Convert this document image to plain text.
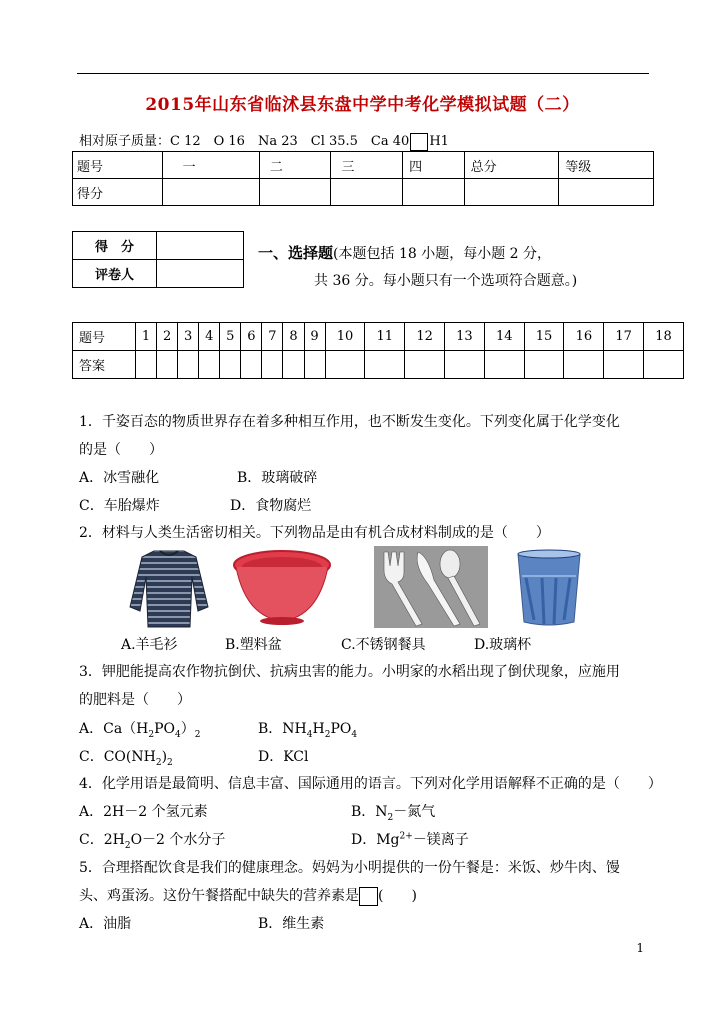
2015年山东省临沭县东盘中学中考化学模拟试题（二）
相对原子质量：C 12　O 16　Na 23　Cl 35.5　Ca 40 H1
题号	一	二	三	四	总分	等级
得分						
得　分	
评卷人	
一、选择题(本题包括 18 小题，每小题 2 分，
共 36 分。每小题只有一个选项符合题意。)
题号	1	2	3	4	5	6	7	8	9	10	11	12	13	14	15	16	17	18
答案																		
1．千姿百态的物质世界存在着多种相互作用，也不断发生变化。下列变化属于化学变化
的是（　　）
A．冰雪融化	B．玻璃破碎
C．车胎爆炸	D．食物腐烂
2．材料与人类生活密切相关。下列物品是由有机合成材料制成的是（　　）
A.羊毛衫	B.塑料盆	C.不锈钢餐具	D.玻璃杯
3．钾肥能提高农作物抗倒伏、抗病虫害的能力。小明家的水稻出现了倒伏现象，应施用
的肥料是（　　）
A．$Ca(H_2PO_4)_2$	B．$NH_4H_2PO_4$
C．$CO(NH_2)_2$	D．KCl
4．化学用语是最简明、信息丰富、国际通用的语言。下列对化学用语解释不正确的是（　　）
A．2H－2 个氢元素	B．$N_2-$氮气
C．$2H_2O-2$ 个水分子	D．$Mg^{2+}-$镁离子
5．合理搭配饮食是我们的健康理念。妈妈为小明提供的一份午餐是：米饭、炒牛肉、馒
头、鸡蛋汤。这份午餐搭配中缺失的营养素是 (　　)
A．油脂	B．维生素
1
